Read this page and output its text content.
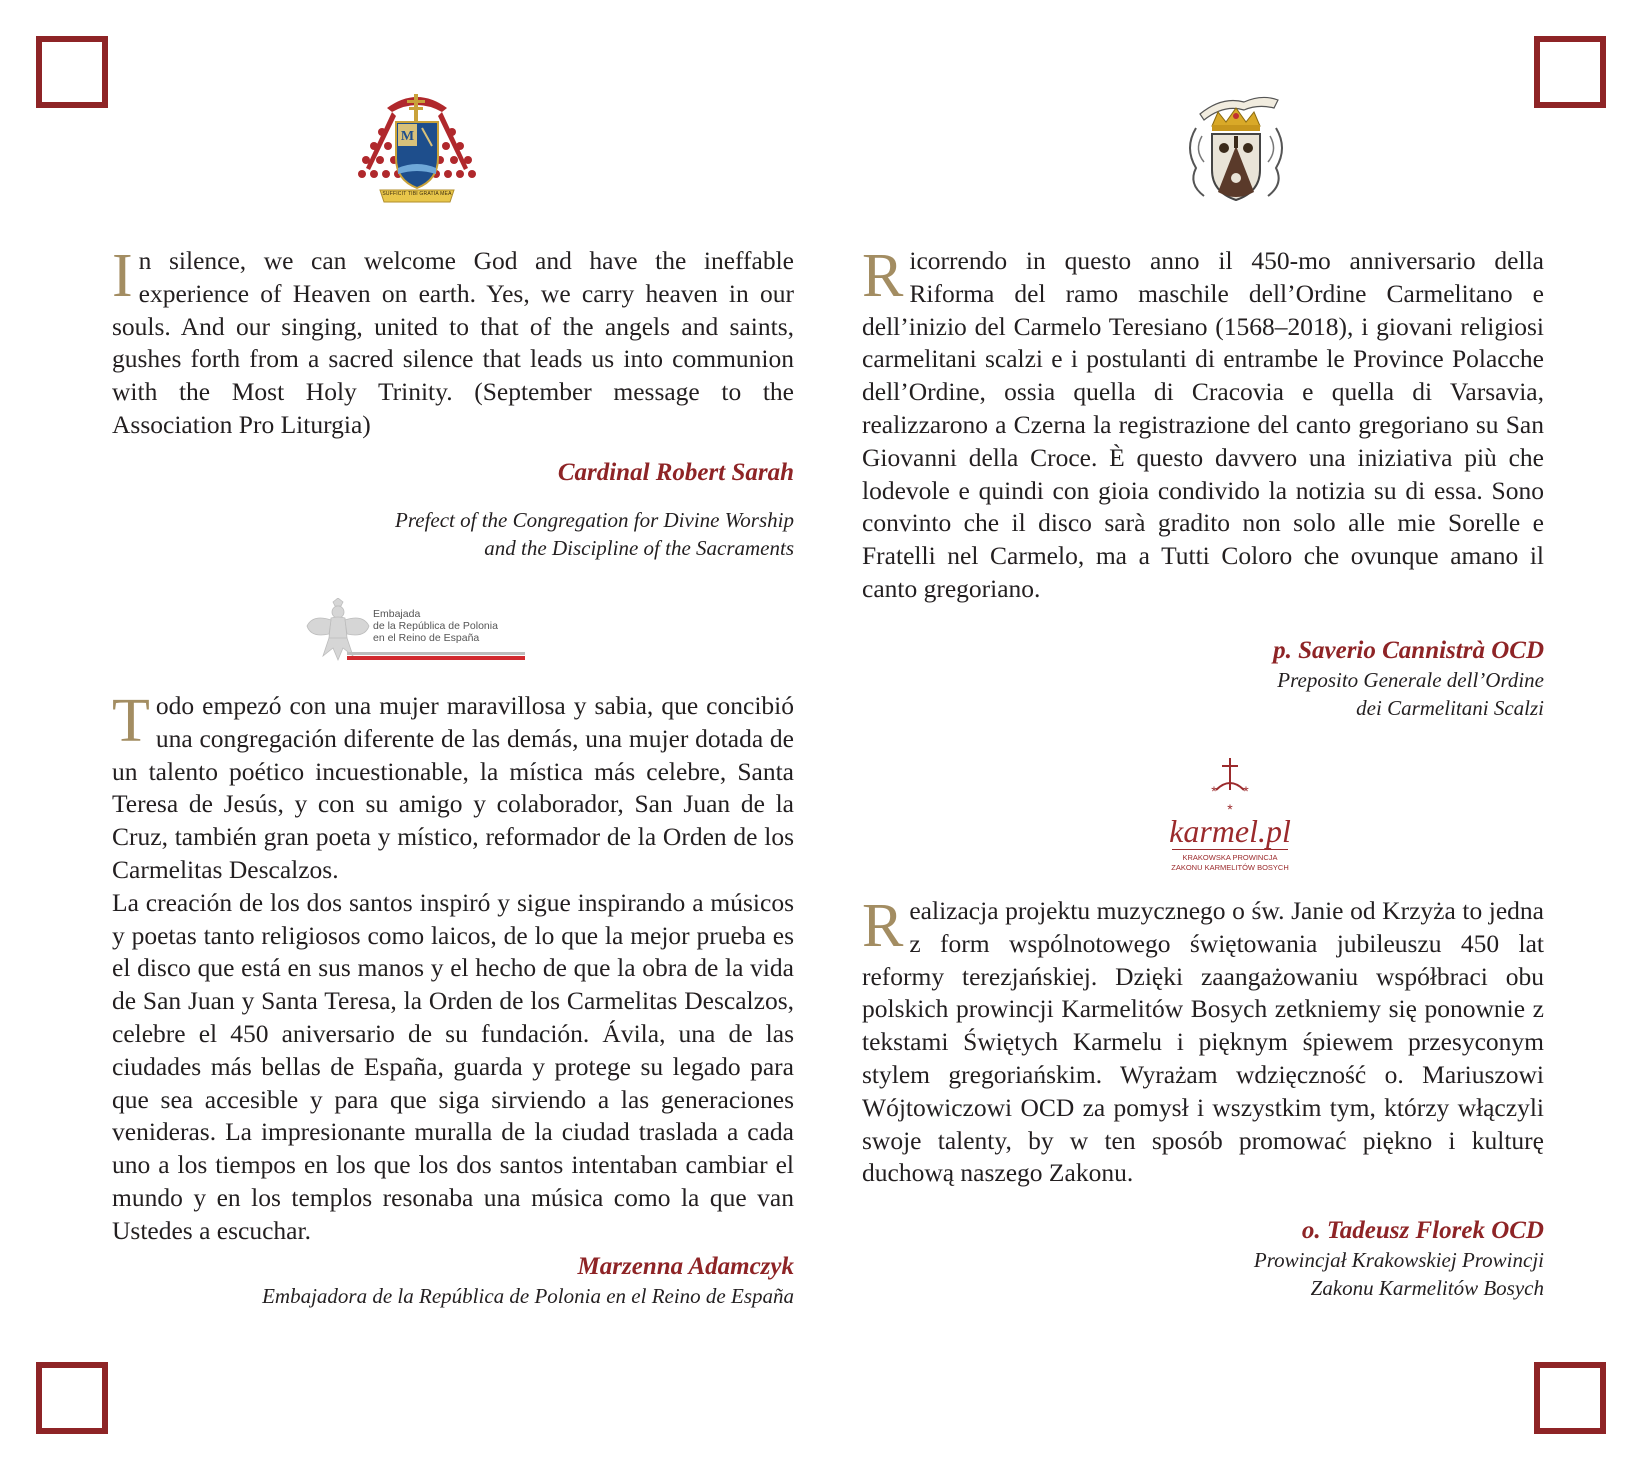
M
SUFFICIT TIBI GRATIA MEA

In silence, we can welcome God and have the ineffable experience of Heaven on earth. Yes, we carry heaven in our souls. And our singing, united to that of the angels and saints, gushes forth from a sacred silence that leads us into communion with the Most Holy Trinity. (September message to the Association Pro Liturgia)

Cardinal Robert Sarah

Prefect of the Congregation for Divine Worship

and the Discipline of the Sacraments

Embajada
de la República de Polonia
en el Reino de España

Todo empezó con una mujer maravillosa y sabia, que concibió una congregación diferente de las demás, una mujer dotada de un talento poético incuestionable, la mística más celebre, Santa Teresa de Jesús, y con su amigo y colaborador, San Juan de la Cruz, también gran poeta y místico, reformador de la Orden de los Carmelitas Descalzos.

La creación de los dos santos inspiró y sigue inspirando a músicos y poetas tanto religiosos como laicos, de lo que la mejor prueba es el disco que está en sus manos y el hecho de que la obra de la vida de San Juan y Santa Teresa, la Orden de los Carmelitas Descalzos, celebre el 450 aniversario de su fundación. Ávila, una de las ciudades más bellas de España, guarda y protege su legado para que sea accesible y para que siga sirviendo a las generaciones venideras. La impresionante muralla de la ciudad traslada a cada uno a los tiempos en los que los dos santos intentaban cambiar el mundo y en los templos resonaba una música como la que van Ustedes a escuchar.

Marzenna Adamczyk

Embajadora de la República de Polonia en el Reino de España

Ricorrendo in questo anno il 450-mo anniversario della Riforma del ramo maschile dell’Ordine Carmelitano e dell’inizio del Carmelo Teresiano (1568–2018), i giovani religiosi carmelitani scalzi e i postulanti di entrambe le Province Polacche dell’Ordine, ossia quella di Cracovia e quella di Varsavia, realizzarono a Czerna la registrazione del canto gregoriano su San Giovanni della Croce. È questo davvero una iniziativa più che lodevole e quindi con gioia condivido la notizia su di essa. Sono convinto che il disco sarà gradito non solo alle mie Sorelle e Fratelli nel Carmelo, ma a Tutti Coloro che ovunque amano il canto gregoriano.

p. Saverio Cannistrà OCD

Preposito Generale dell’Ordine

dei Carmelitani Scalzi

* *
*
karmel.pl
KRAKOWSKA PROWINCJA
ZAKONU KARMELITÓW BOSYCH

Realizacja projektu muzycznego o św. Janie od Krzyża to jedna z form wspólnotowego świętowania jubileuszu 450 lat reformy terezjańskiej. Dzięki zaangażowaniu współbraci obu polskich prowincji Karmelitów Bosych zetkniemy się ponownie z tekstami Świętych Karmelu i pięknym śpiewem przesyconym stylem gregoriańskim. Wyrażam wdzięczność o. Mariuszowi Wójtowiczowi OCD za pomysł i wszystkim tym, którzy włączyli swoje talenty, by w ten sposób promować piękno i kulturę duchową naszego Zakonu.

o. Tadeusz Florek OCD

Prowincjał Krakowskiej Prowincji

Zakonu Karmelitów Bosych
